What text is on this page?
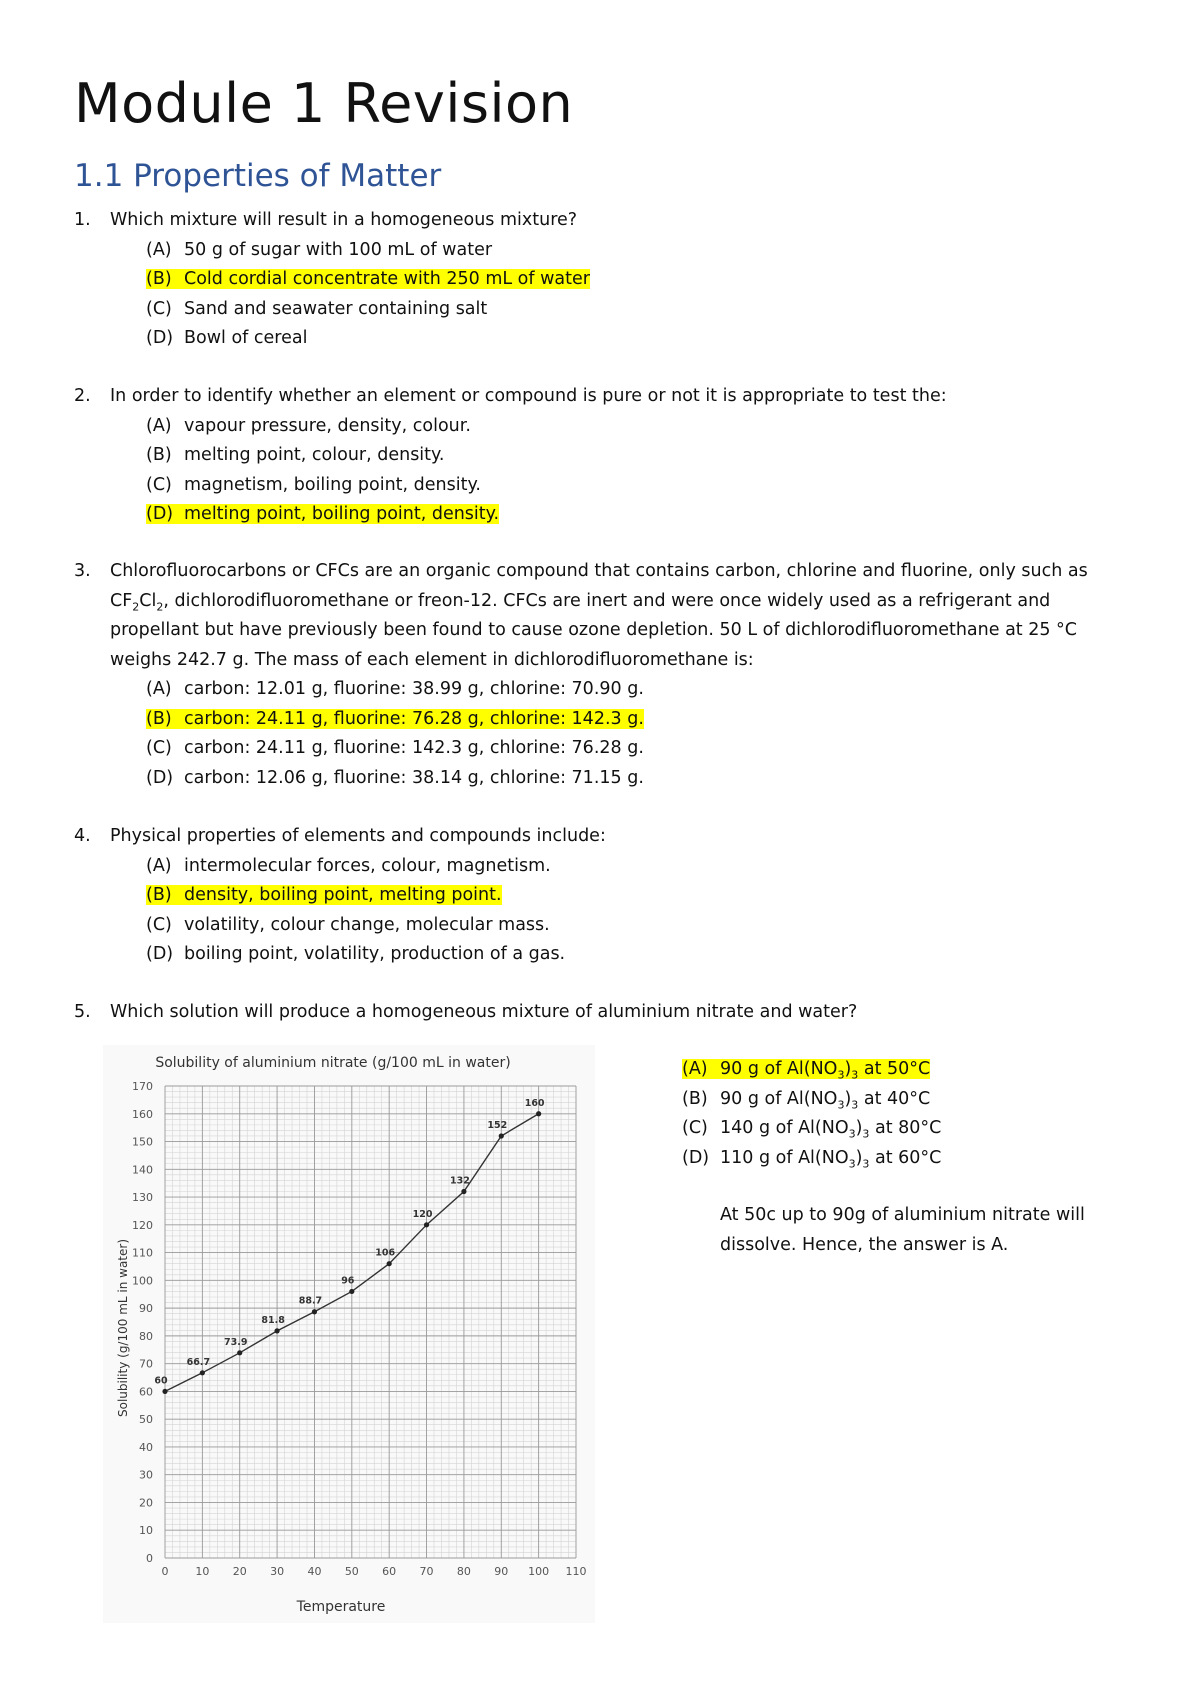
Module 1 Revision
1.1 Properties of Matter
1.	Which mixture will result in a homogeneous mixture?
(A) 50 g of sugar with 100 mL of water
(B) Cold cordial concentrate with 250 mL of water
(C) Sand and seawater containing salt
(D) Bowl of cereal
2.	In order to identify whether an element or compound is pure or not it is appropriate to test the:
(A) vapour pressure, density, colour.
(B) melting point, colour, density.
(C) magnetism, boiling point, density.
(D) melting point, boiling point, density.
3.	Chlorofluorocarbons or CFCs are an organic compound that contains carbon, chlorine and fluorine, only such as
$CF_2Cl_2$, dichlorodifluoromethane or freon-12. CFCs are inert and were once widely used as a refrigerant and
propellant but have previously been found to cause ozone depletion. 50 L of dichlorodifluoromethane at 25 °C
weighs 242.7 g. The mass of each element in dichlorodifluoromethane is:
(A) carbon: 12.01 g, fluorine: 38.99 g, chlorine: 70.90 g.
(B) carbon: 24.11 g, fluorine: 76.28 g, chlorine: 142.3 g.
(C) carbon: 24.11 g, fluorine: 142.3 g, chlorine: 76.28 g.
(D) carbon: 12.06 g, fluorine: 38.14 g, chlorine: 71.15 g.
4.	Physical properties of elements and compounds include:
(A) intermolecular forces, colour, magnetism.
(B) density, boiling point, melting point.
(C) volatility, colour change, molecular mass.
(D) boiling point, volatility, production of a gas.
5.	Which solution will produce a homogeneous mixture of aluminium nitrate and water?
Solubility of aluminium nitrate (g/100 mL in water)
Temperature
Solubility (g/100 mL in water)
0 10 20 30 40 50 60 70 80 90 100 110
0
10
20
30
40
50
60
70
80
90
100
110
120
130
140
150
160
170
60
66.7
73.9
81.8
88.7
96
106
120
132
152
160
(A) 90 g of $Al(NO_3)_3$ at 50°C
(B) 90 g of $Al(NO_3)_3$ at 40°C
(C) 140 g of $Al(NO_3)_3$ at 80°C
(D) 110 g of $Al(NO_3)_3$ at 60°C
At 50c up to 90g of aluminium nitrate will
dissolve. Hence, the answer is A.
